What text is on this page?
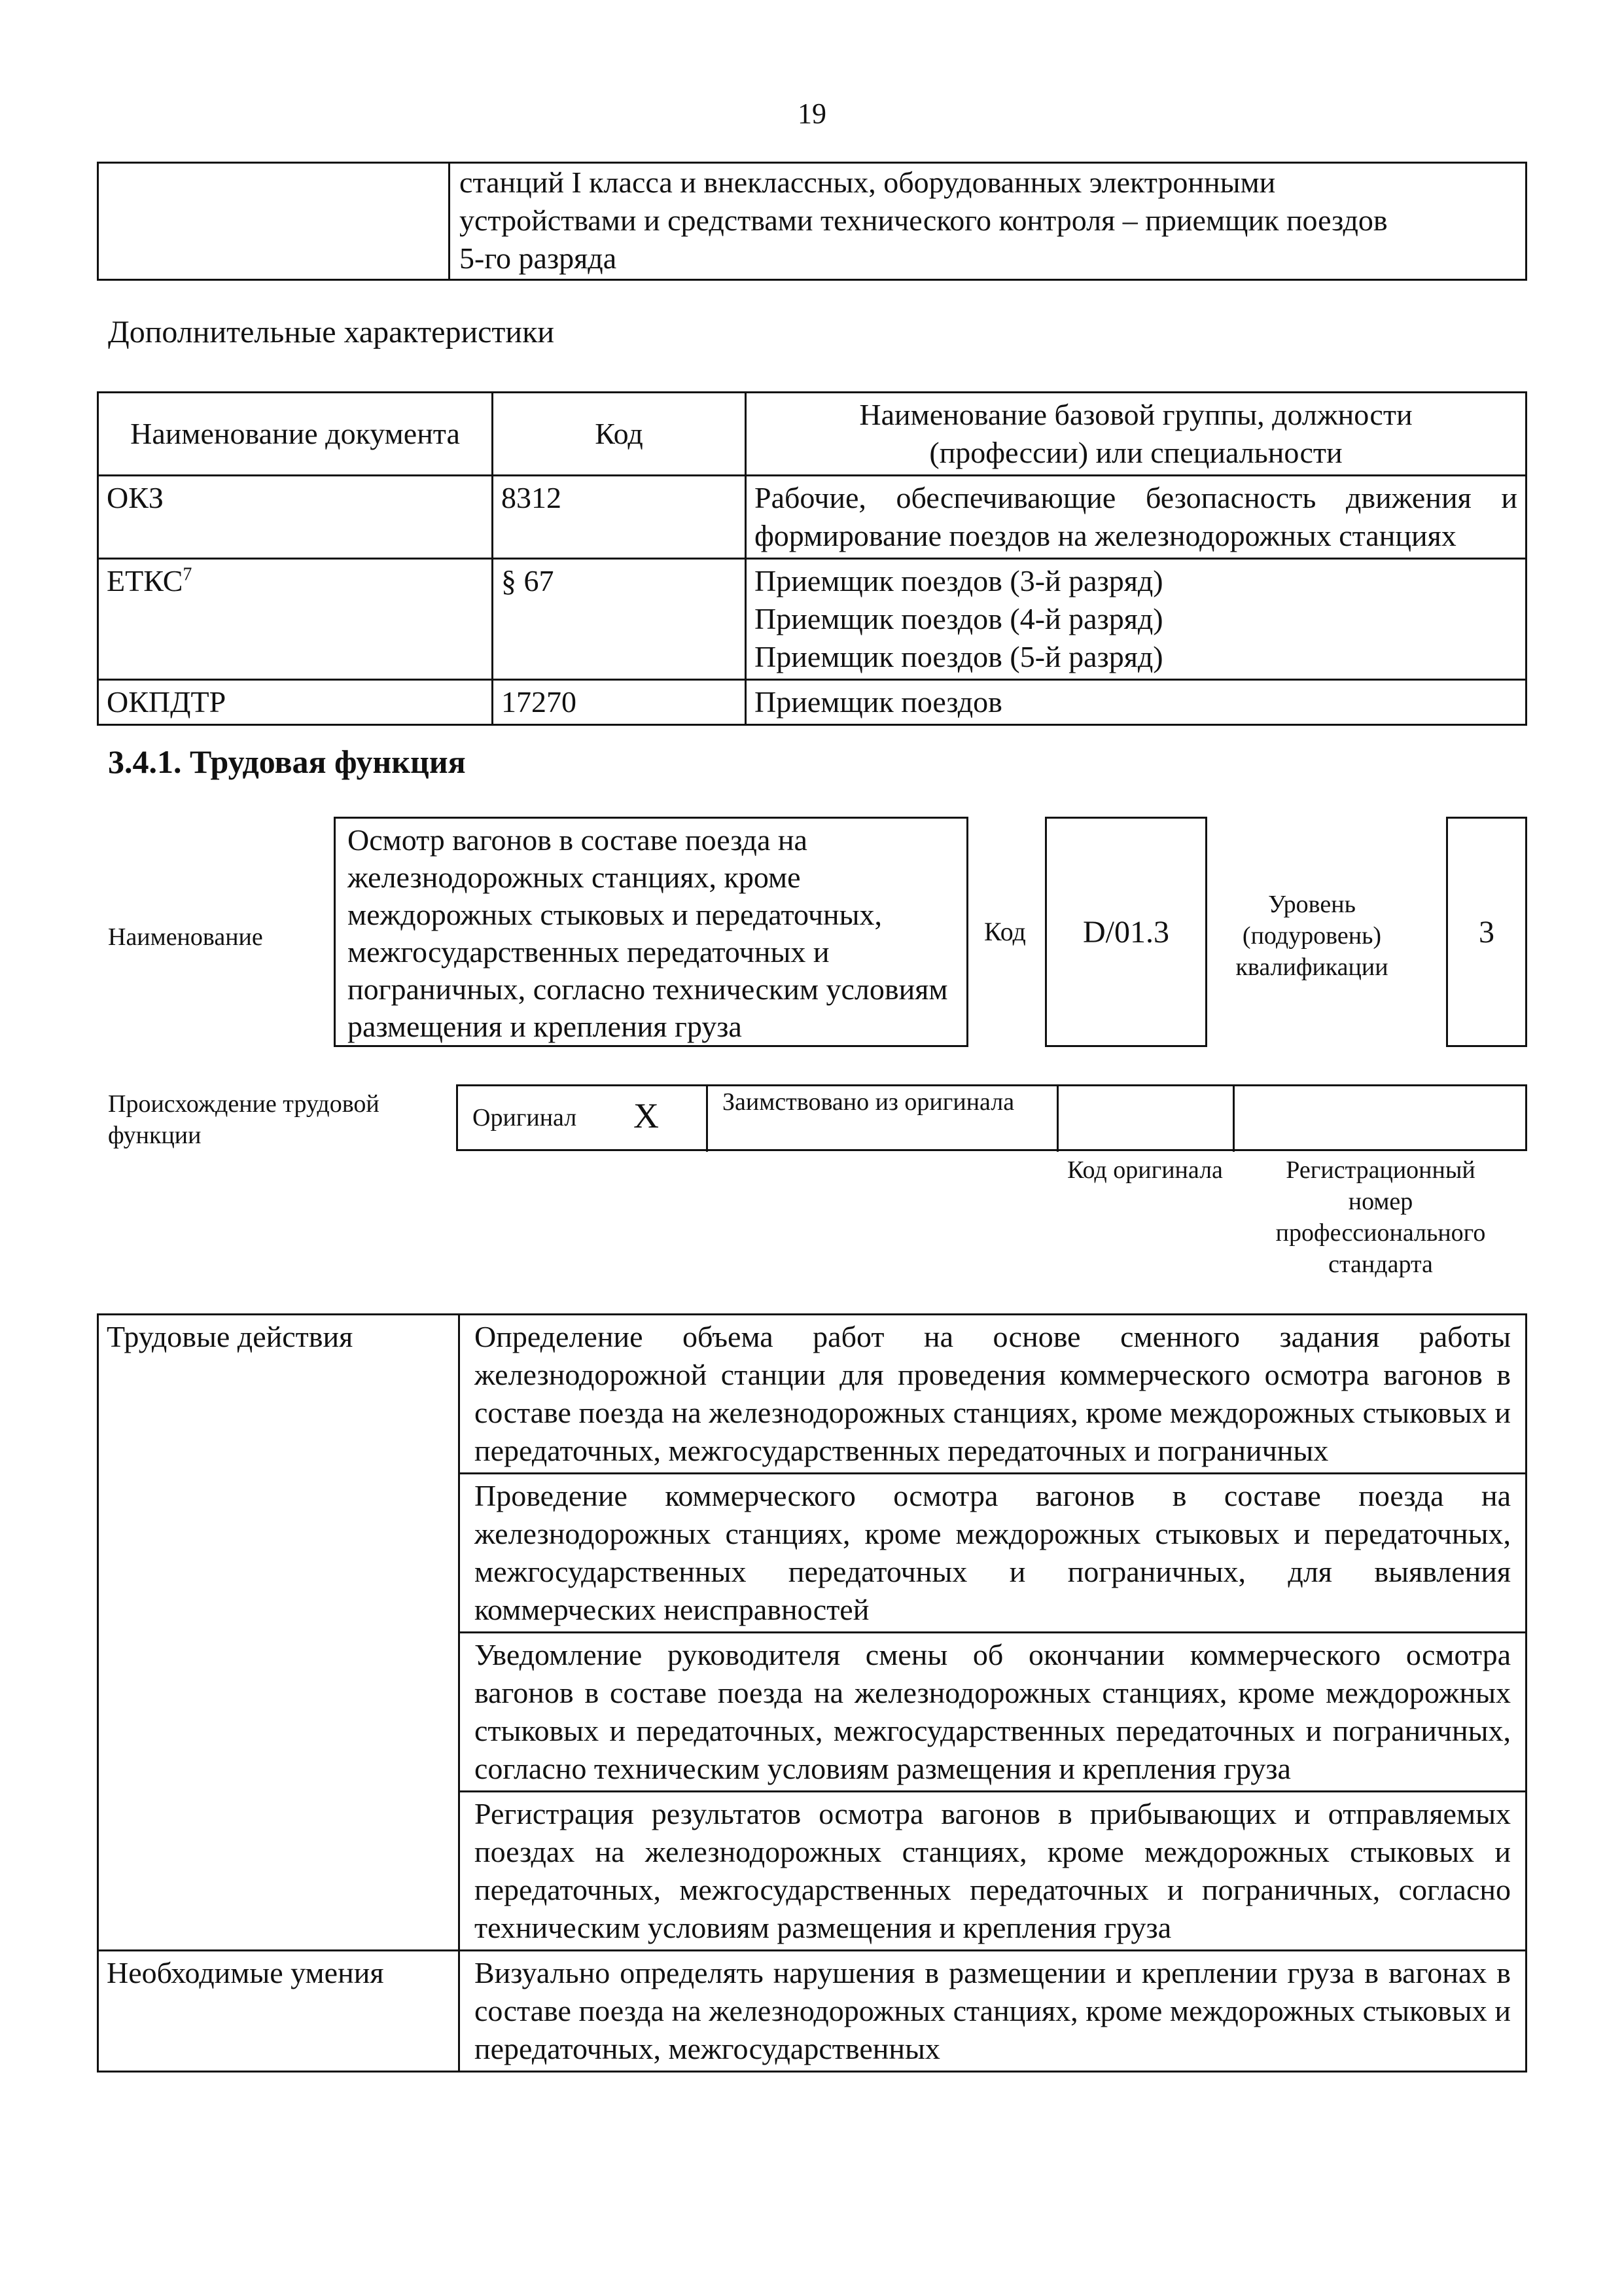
19

станций I класса и внеклассных, оборудованных электронными
устройствами и средствами технического контроля – приемщик поездов
5-го разряда
Дополнительные характеристики
Наименование документа	Код	Наименование базовой группы, должности (профессии) или специальности
ОКЗ	8312	Рабочие, обеспечивающие безопасность движения и формирование поездов на железнодорожных станциях
ЕТКС$^7$	§ 67	Приемщик поездов (3-й разряд)
Приемщик поездов (4-й разряд)
Приемщик поездов (5-й разряд)

ОКПДТР	17270	Приемщик поездов
3.4.1. Трудовая функция
Наименование
Осмотр вагонов в составе поезда на железнодорожных станциях, кроме междорожных стыковых и передаточных, межгосударственных передаточных и пограничных, согласно техническим условиям размещения и крепления груза
Код	D/01.3
Уровень (подуровень) квалификации
3
Происхождение трудовой функции
Оригинал X	Заимствовано из оригинала
Код оригинала	Регистрационный номер профессионального стандарта
Трудовые действия	Определение объема работ на основе сменного задания работы железнодорожной станции для проведения коммерческого осмотра вагонов в составе поезда на железнодорожных станциях, кроме междорожных стыковых и передаточных, межгосударственных передаточных и пограничных
	Проведение коммерческого осмотра вагонов в составе поезда на железнодорожных станциях, кроме междорожных стыковых и передаточных, межгосударственных передаточных и пограничных, для выявления коммерческих неисправностей
	Уведомление руководителя смены об окончании коммерческого осмотра вагонов в составе поезда на железнодорожных станциях, кроме междорожных стыковых и передаточных, межгосударственных передаточных и пограничных, согласно техническим условиям размещения и крепления груза
	Регистрация результатов осмотра вагонов в прибывающих и отправляемых поездах на железнодорожных станциях, кроме междорожных стыковых и передаточных, межгосударственных передаточных и пограничных, согласно техническим условиям размещения и крепления груза
Необходимые умения	Визуально определять нарушения в размещении и креплении груза в вагонах в составе поезда на железнодорожных станциях, кроме междорожных стыковых и передаточных, межгосударственных
